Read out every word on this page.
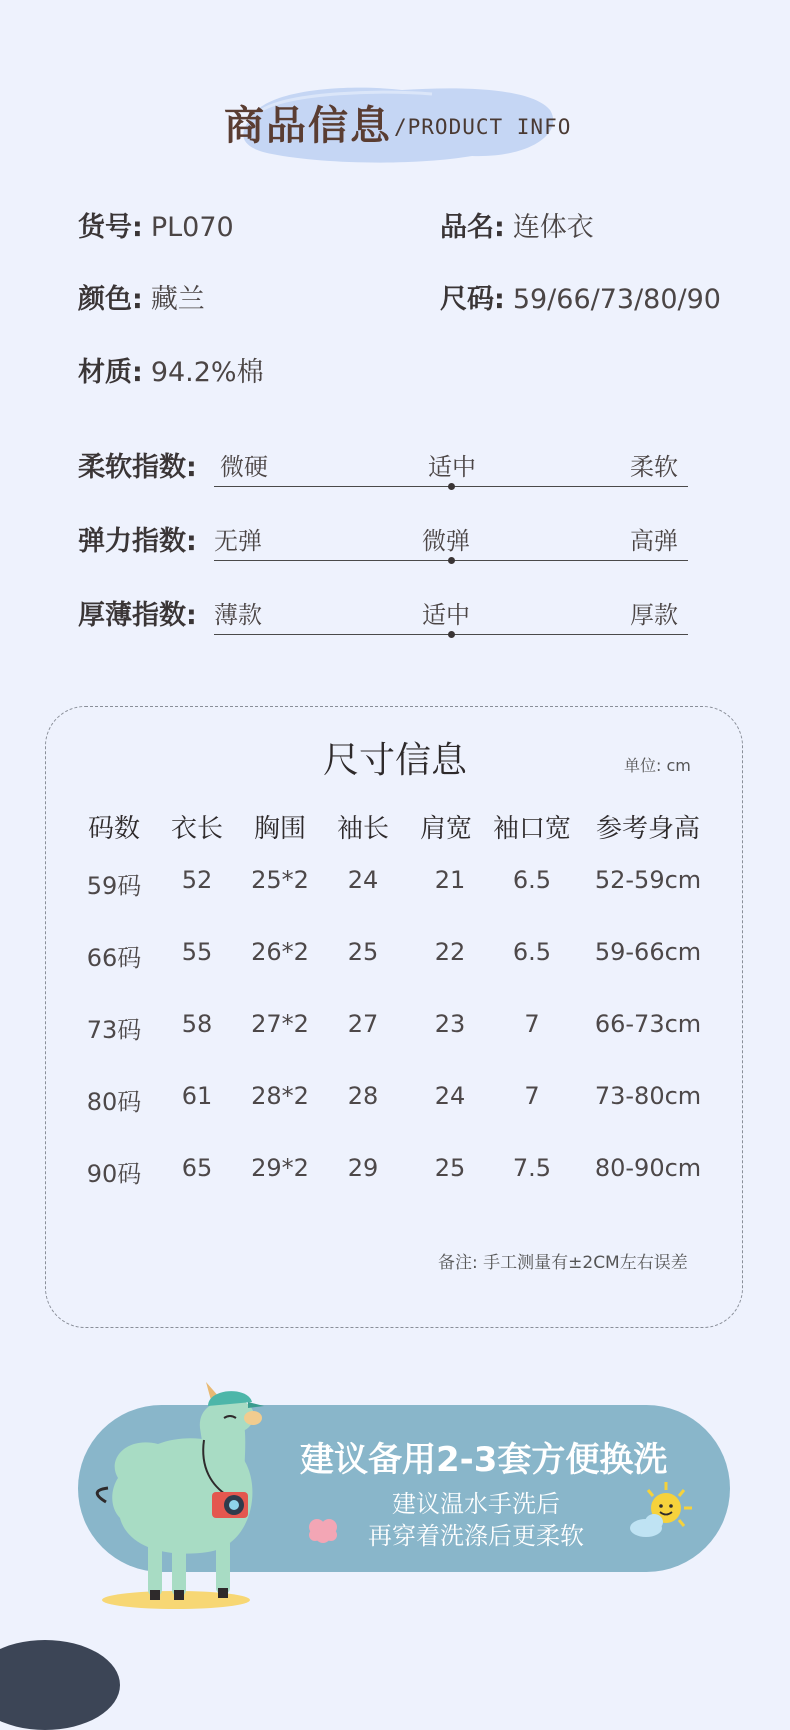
商品信息 /PRODUCT INFO
货号: PL070	品名: 连体衣
颜色: 藏兰	尺码: 59/66/73/80/90
材质: 94.2%棉
柔软指数: 微硬	适中	柔软
弹力指数: 无弹	微弹	高弹
厚薄指数: 薄款	适中	厚款
尺寸信息	单位: cm
码数	衣长	胸围	袖长	肩宽 袖口宽 参考身高
59码	52	25*2	24	21	6.5	52-59cm
66码	55	26*2	25	22	6.5	59-66cm
73码	58	27*2	27	23	7	66-73cm
80码	61	28*2	28	24	7	73-80cm
90码	65	29*2	29	25	7.5	80-90cm
备注: 手工测量有±2CM左右误差
建议备用2-3套方便换洗
建议温水手洗后
再穿着洗涤后更柔软
